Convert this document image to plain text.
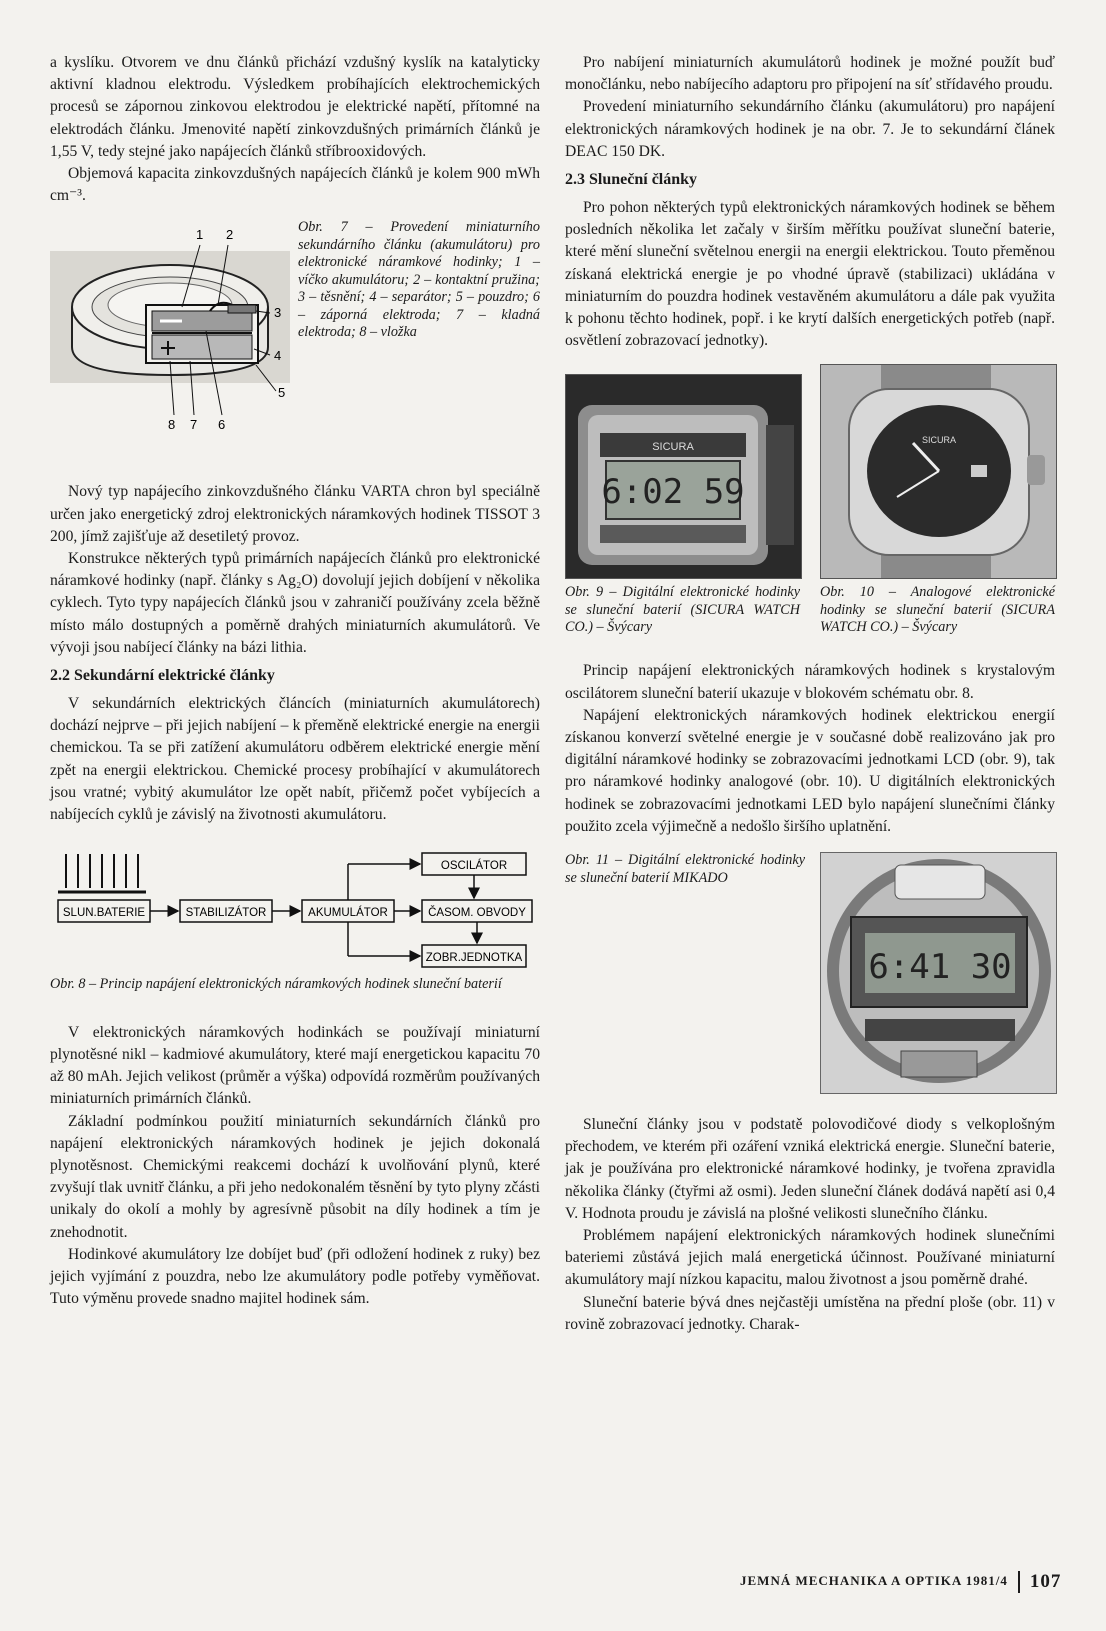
a kyslíku. Otvorem ve dnu článků přichází vzdušný kyslík na katalyticky aktivní kladnou elektrodu. Výsledkem probíhajících elektrochemických procesů se zápornou zinkovou elektrodou je elektrické napětí, přítomné na elektrodách článku. Jmenovité napětí zinkovzdušných primárních článků je 1,55 V, tedy stejné jako napájecích článků stříbrooxidových.

Objemová kapacita zinkovzdušných napájecích článků je kolem 900 mWh cm⁻³.

1 2
3
4
5
8 7 6
Obr. 7 – Provedení miniaturního sekundárního článku (akumulátoru) pro elektronické náramkové hodinky; 1 – víčko akumulátoru; 2 – kontaktní pružina; 3 – těsnění; 4 – separátor; 5 – pouzdro; 6 – záporná elektroda; 7 – kladná elektroda; 8 – vložka

Nový typ napájecího zinkovzdušného článku VARTA chron byl speciálně určen jako energetický zdroj elektronických náramkových hodinek TISSOT 3 200, jímž zajišťuje až desetiletý provoz.

Konstrukce některých typů primárních napájecích článků pro elektronické náramkové hodinky (např. články s Ag₂O) dovolují jejich dobíjení v několika cyklech. Tyto typy napájecích článků jsou v zahraničí používány zcela běžně místo málo dostupných a poměrně drahých miniaturních akumulátorů. Ve vývoji jsou nabíjecí články na bázi lithia.

2.2 Sekundární elektrické články

V sekundárních elektrických článcích (miniaturních akumulátorech) dochází nejprve – při jejich nabíjení – k přeměně elektrické energie na energii chemickou. Ta se při zatížení akumulátoru odběrem elektrické energie mění zpět na energii elektrickou. Chemické procesy probíhající v akumulátorech jsou vratné; vybitý akumulátor lze opět nabít, přičemž počet vybíjecích a nabíjecích cyklů je závislý na životnosti akumulátoru.

SLUN.BATERIE	STABILIZÁTOR	AKUMULÁTOR
OSCILÁTOR
ČASOM. OBVODY
ZOBR.JEDNOTKA
Obr. 8 – Princip napájení elektronických náramkových hodinek sluneční baterií

V elektronických náramkových hodinkách se používají miniaturní plynotěsné nikl – kadmiové akumulátory, které mají energetickou kapacitu 70 až 80 mAh. Jejich velikost (průměr a výška) odpovídá rozměrům používaných miniaturních primárních článků.

Základní podmínkou použití miniaturních sekundárních článků pro napájení elektronických náramkových hodinek je jejich dokonalá plynotěsnost. Chemickými reakcemi dochází k uvolňování plynů, které zvyšují tlak uvnitř článku, a při jeho nedokonalém těsnění by tyto plyny zčásti unikaly do okolí a mohly by agresívně působit na díly hodinek a tím je znehodnotit.

Hodinkové akumulátory lze dobíjet buď (při odložení hodinek z ruky) bez jejich vyjímání z pouzdra, nebo lze akumulátory podle potřeby vyměňovat. Tuto výměnu provede snadno majitel hodinek sám.

Pro nabíjení miniaturních akumulátorů hodinek je možné použít buď monočlánku, nebo nabíjecího adaptoru pro připojení na síť střídavého proudu.

Provedení miniaturního sekundárního článku (akumulátoru) pro napájení elektronických náramkových hodinek je na obr. 7. Je to sekundární článek DEAC 150 DK.

2.3 Sluneční články

Pro pohon některých typů elektronických náramkových hodinek se během posledních několika let začaly v širším měřítku používat sluneční baterie, které mění sluneční světelnou energii na energii elektrickou. Touto přeměnou získaná elektrická energie je po vhodné úpravě (stabilizaci) ukládána v miniaturním do pouzdra hodinek vestavěném akumulátoru a dále pak využita k pohonu těchto hodinek, popř. i ke krytí dalších energetických potřeb (např. osvětlení zobrazovací jednotky).

SICURA
6:02 59
SICURA
Obr. 9 – Digitální elektronické hodinky se sluneční baterií (SICURA WATCH CO.) – Švýcary
Obr. 10 – Analogové elektronické hodinky se sluneční baterií (SICURA WATCH CO.) – Švýcary

Princip napájení elektronických náramkových hodinek s krystalovým oscilátorem sluneční baterií ukazuje v blokovém schématu obr. 8.

Napájení elektronických náramkových hodinek elektrickou energií získanou konverzí světelné energie je v současné době realizováno jak pro digitální náramkové hodinky se zobrazovacími jednotkami LCD (obr. 9), tak pro náramkové hodinky analogové (obr. 10). U digitálních elektronických hodinek se zobrazovacími jednotkami LED bylo napájení slunečními články použito zcela výjimečně a nedošlo širšího uplatnění.

Obr. 11 – Digitální elektronické hodinky se sluneční baterií MIKADO
6:41 30

Sluneční články jsou v podstatě polovodičové diody s velkoplošným přechodem, ve kterém při ozáření vzniká elektrická energie. Sluneční baterie, jak je používána pro elektronické náramkové hodinky, je tvořena zpravidla několika články (čtyřmi až osmi). Jeden sluneční článek dodává napětí asi 0,4 V. Hodnota proudu je závislá na plošné velikosti slunečního článku.

Problémem napájení elektronických náramkových hodinek slunečními bateriemi zůstává jejich malá energetická účinnost. Používané miniaturní akumulátory mají nízkou kapacitu, malou životnost a jsou poměrně drahé.

Sluneční baterie bývá dnes nejčastěji umístěna na přední ploše (obr. 11) v rovině zobrazovací jednotky. Charak-

JEMNÁ MECHANIKA A OPTIKA 1981/4 107
